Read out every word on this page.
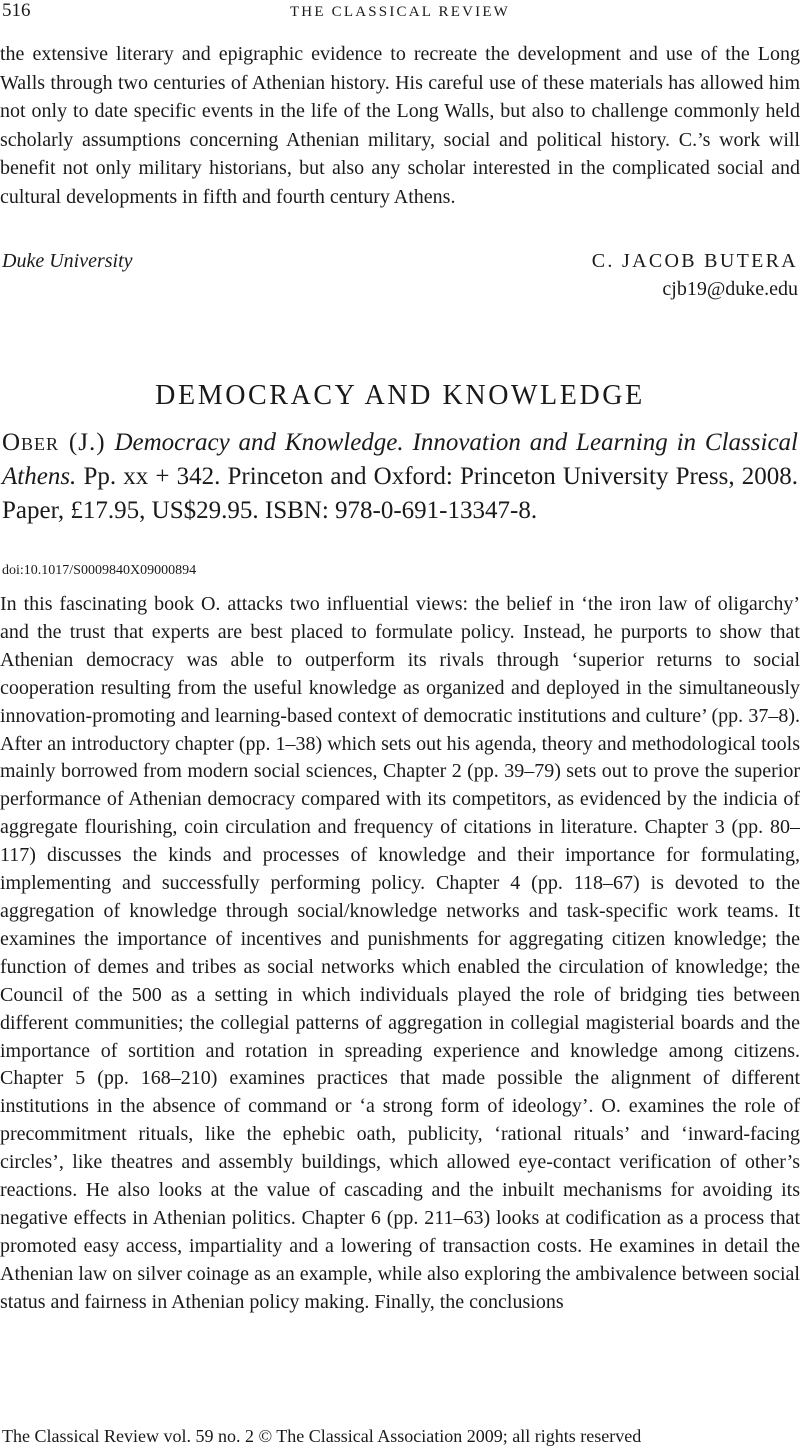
516	THE CLASSICAL REVIEW

the extensive literary and epigraphic evidence to recreate the development and use of the Long Walls through two centuries of Athenian history. His careful use of these materials has allowed him not only to date specific events in the life of the Long Walls, but also to challenge commonly held scholarly assumptions concerning Athenian military, social and political history. C.’s work will benefit not only military historians, but also any scholar interested in the complicated social and cultural developments in fifth and fourth century Athens.

Duke University	C. JACOB BUTERA
cjb19@duke.edu
DEMOCRACY AND KNOWLEDGE

Ober (J.) Democracy and Knowledge. Innovation and Learning in Classical Athens. Pp. xx + 342. Princeton and Oxford: Princeton University Press, 2008. Paper, £17.95, US$29.95. ISBN: 978-0-691-13347-8.

doi:10.1017/S0009840X09000894

In this fascinating book O. attacks two influential views: the belief in ‘the iron law of oligarchy’ and the trust that experts are best placed to formulate policy. Instead, he purports to show that Athenian democracy was able to outperform its rivals through ‘superior returns to social cooperation resulting from the useful knowledge as organized and deployed in the simultaneously innovation-promoting and learning-based context of democratic institutions and culture’ (pp. 37–8). After an introductory chapter (pp. 1–38) which sets out his agenda, theory and methodological tools mainly borrowed from modern social sciences, Chapter 2 (pp. 39–79) sets out to prove the superior performance of Athenian democracy compared with its competitors, as evidenced by the indicia of aggregate flourishing, coin circulation and frequency of citations in literature. Chapter 3 (pp. 80–117) discusses the kinds and processes of knowledge and their importance for formulating, implementing and successfully performing policy. Chapter 4 (pp. 118–67) is devoted to the aggregation of knowledge through social/knowledge networks and task-specific work teams. It examines the importance of incentives and punishments for aggregating citizen knowledge; the function of demes and tribes as social networks which enabled the circulation of knowledge; the Council of the 500 as a setting in which individuals played the role of bridging ties between different communities; the collegial patterns of aggregation in collegial magisterial boards and the importance of sortition and rotation in spreading experience and knowledge among citizens. Chapter 5 (pp. 168–210) examines practices that made possible the alignment of different institutions in the absence of command or ‘a strong form of ideology’. O. examines the role of precommitment rituals, like the ephebic oath, publicity, ‘rational rituals’ and ‘inward-facing circles’, like theatres and assembly buildings, which allowed eye-contact verification of other’s reactions. He also looks at the value of cascading and the inbuilt mechanisms for avoiding its negative effects in Athenian politics. Chapter 6 (pp. 211–63) looks at codification as a process that promoted easy access, impartiality and a lowering of transaction costs. He examines in detail the Athenian law on silver coinage as an example, while also exploring the ambivalence between social status and fairness in Athenian policy making. Finally, the conclusions

The Classical Review vol. 59 no. 2 © The Classical Association 2009; all rights reserved
